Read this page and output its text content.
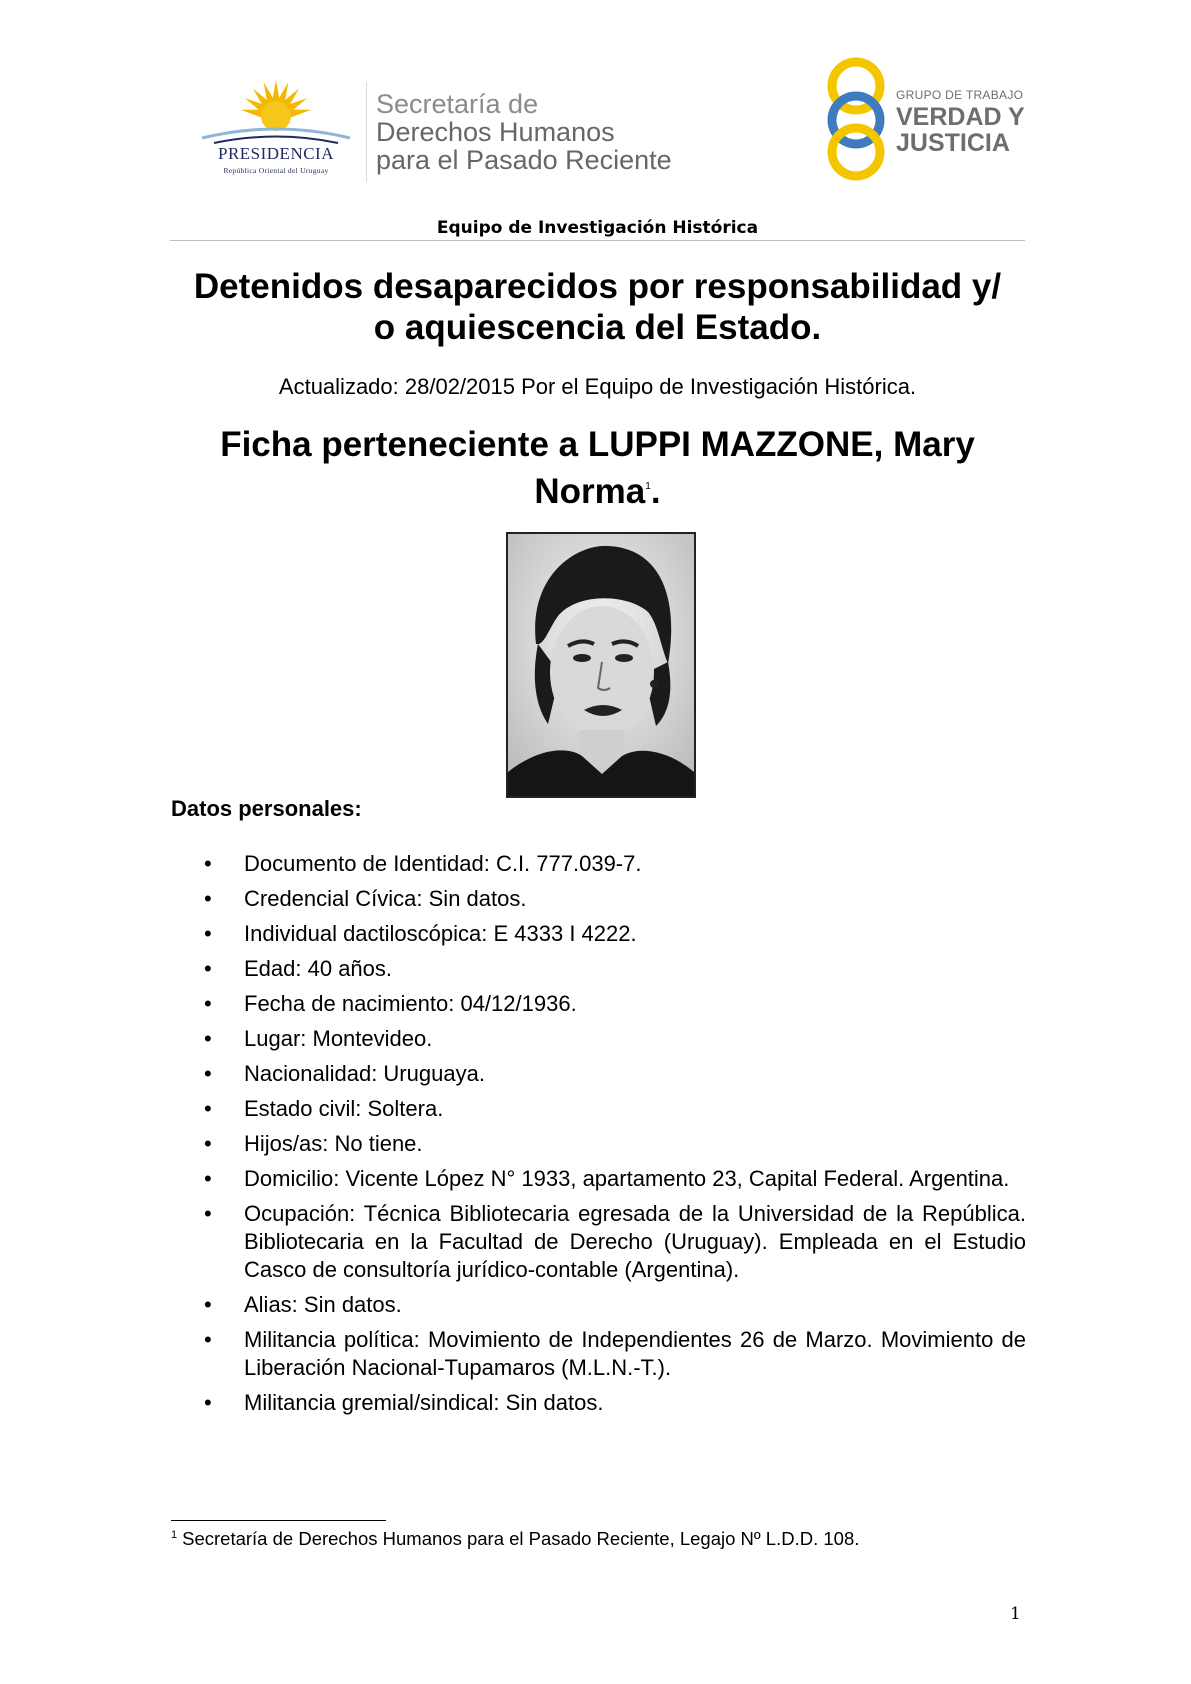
PRESIDENCIA
República Oriental del Uruguay
Secretaría de
Derechos Humanos
para el Pasado Reciente
GRUPO DE TRABAJO
VERDAD Y
JUSTICIA
Equipo de Investigación Histórica
Detenidos desaparecidos por responsabilidad y/
o aquiescencia del Estado.
Actualizado: 28/02/2015 Por el Equipo de Investigación Histórica.
Ficha perteneciente a LUPPI MAZZONE, Mary
Norma$^1$.
Datos personales:
• Documento de Identidad: C.I. 777.039-7.
• Credencial Cívica: Sin datos.
• Individual dactiloscópica: E 4333 I 4222.
• Edad: 40 años.
• Fecha de nacimiento: 04/12/1936.
• Lugar: Montevideo.
• Nacionalidad: Uruguaya.
• Estado civil: Soltera.
• Hijos/as: No tiene.
• Domicilio: Vicente López N° 1933, apartamento 23, Capital Federal. Argentina.
• Ocupación: Técnica Bibliotecaria egresada de la Universidad de la República. Bibliotecaria en la Facultad de Derecho (Uruguay). Empleada en el Estudio Casco de consultoría jurídico-contable (Argentina).
• Alias: Sin datos.
• Militancia política: Movimiento de Independientes 26 de Marzo. Movimiento de Liberación Nacional-Tupamaros (M.L.N.-T.).
• Militancia gremial/sindical: Sin datos.
$^1$ Secretaría de Derechos Humanos para el Pasado Reciente, Legajo Nº L.D.D. 108.
1
